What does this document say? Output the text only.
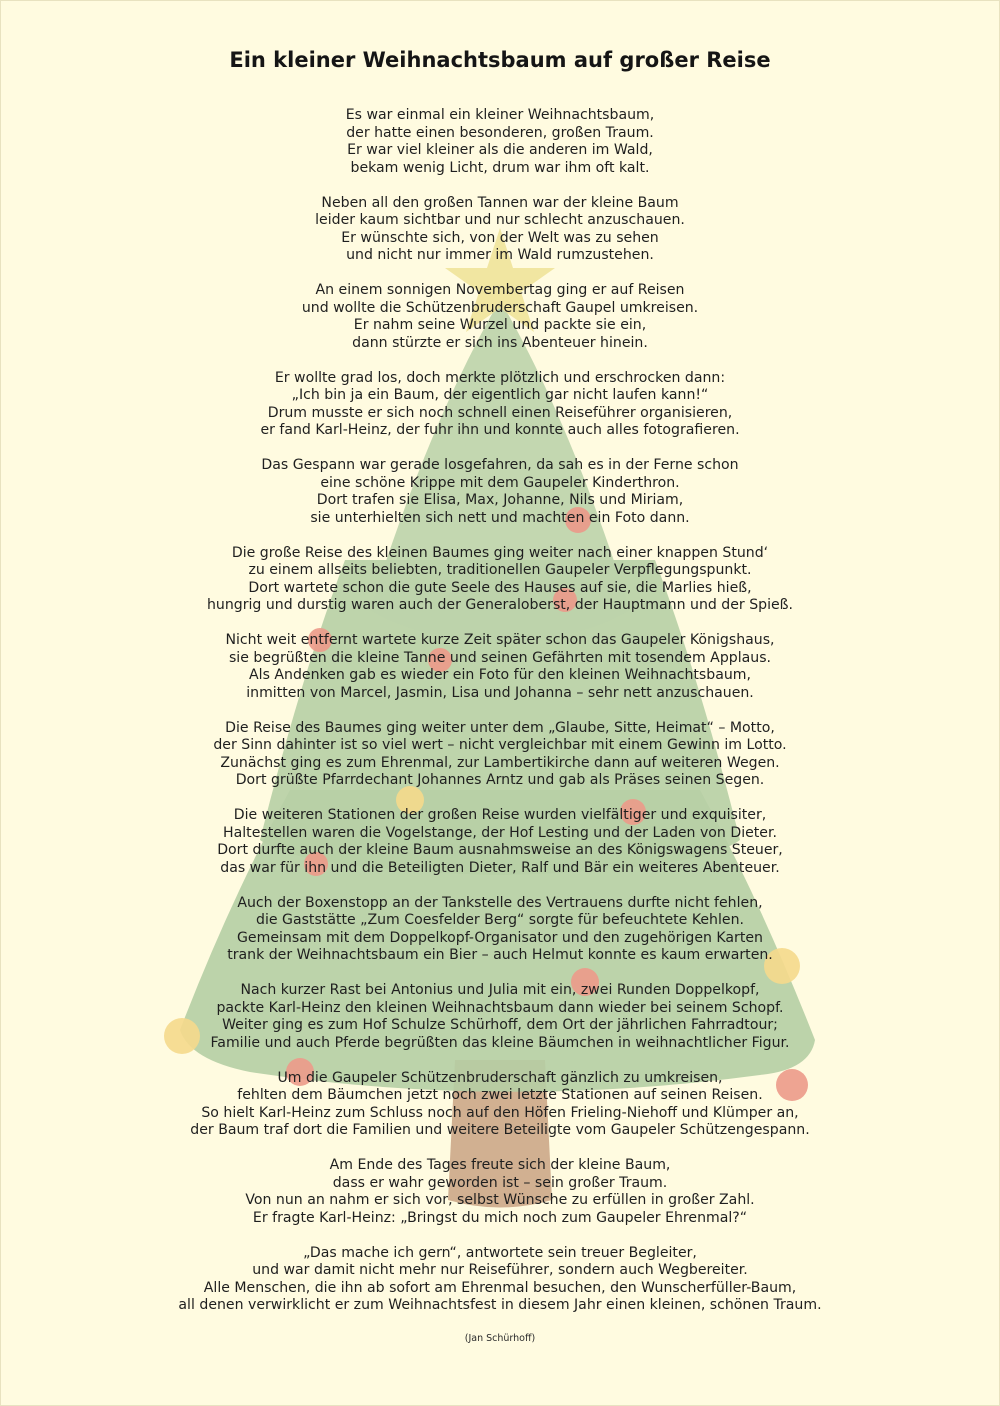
Ein kleiner Weihnachtsbaum auf großer Reise

Es war einmal ein kleiner Weihnachtsbaum,
der hatte einen besonderen, großen Traum.
Er war viel kleiner als die anderen im Wald,
bekam wenig Licht, drum war ihm oft kalt.

Neben all den großen Tannen war der kleine Baum
leider kaum sichtbar und nur schlecht anzuschauen.
Er wünschte sich, von der Welt was zu sehen
und nicht nur immer im Wald rumzustehen.

An einem sonnigen Novembertag ging er auf Reisen
und wollte die Schützenbruderschaft Gaupel umkreisen.
Er nahm seine Wurzel und packte sie ein,
dann stürzte er sich ins Abenteuer hinein.

Er wollte grad los, doch merkte plötzlich und erschrocken dann:
„Ich bin ja ein Baum, der eigentlich gar nicht laufen kann!“
Drum musste er sich noch schnell einen Reiseführer organisieren,
er fand Karl-Heinz, der fuhr ihn und konnte auch alles fotografieren.

Das Gespann war gerade losgefahren, da sah es in der Ferne schon
eine schöne Krippe mit dem Gaupeler Kinderthron.
Dort trafen sie Elisa, Max, Johanne, Nils und Miriam,
sie unterhielten sich nett und machten ein Foto dann.

Die große Reise des kleinen Baumes ging weiter nach einer knappen Stund‘
zu einem allseits beliebten, traditionellen Gaupeler Verpflegungspunkt.
Dort wartete schon die gute Seele des Hauses auf sie, die Marlies hieß,
hungrig und durstig waren auch der Generaloberst, der Hauptmann und der Spieß.

Nicht weit entfernt wartete kurze Zeit später schon das Gaupeler Königshaus,
sie begrüßten die kleine Tanne und seinen Gefährten mit tosendem Applaus.
Als Andenken gab es wieder ein Foto für den kleinen Weihnachtsbaum,
inmitten von Marcel, Jasmin, Lisa und Johanna – sehr nett anzuschauen.

Die Reise des Baumes ging weiter unter dem „Glaube, Sitte, Heimat“ – Motto,
der Sinn dahinter ist so viel wert – nicht vergleichbar mit einem Gewinn im Lotto.
Zunächst ging es zum Ehrenmal, zur Lambertikirche dann auf weiteren Wegen.
Dort grüßte Pfarrdechant Johannes Arntz und gab als Präses seinen Segen.

Die weiteren Stationen der großen Reise wurden vielfältiger und exquisiter,
Haltestellen waren die Vogelstange, der Hof Lesting und der Laden von Dieter.
Dort durfte auch der kleine Baum ausnahmsweise an des Königswagens Steuer,
das war für ihn und die Beteiligten Dieter, Ralf und Bär ein weiteres Abenteuer.

Auch der Boxenstopp an der Tankstelle des Vertrauens durfte nicht fehlen,
die Gaststätte „Zum Coesfelder Berg“ sorgte für befeuchtete Kehlen.
Gemeinsam mit dem Doppelkopf-Organisator und den zugehörigen Karten
trank der Weihnachtsbaum ein Bier – auch Helmut konnte es kaum erwarten.

Nach kurzer Rast bei Antonius und Julia mit ein, zwei Runden Doppelkopf,
packte Karl-Heinz den kleinen Weihnachtsbaum dann wieder bei seinem Schopf.
Weiter ging es zum Hof Schulze Schürhoff, dem Ort der jährlichen Fahrradtour;
Familie und auch Pferde begrüßten das kleine Bäumchen in weihnachtlicher Figur.

Um die Gaupeler Schützenbruderschaft gänzlich zu umkreisen,
fehlten dem Bäumchen jetzt noch zwei letzte Stationen auf seinen Reisen.
So hielt Karl-Heinz zum Schluss noch auf den Höfen Frieling-Niehoff und Klümper an,
der Baum traf dort die Familien und weitere Beteiligte vom Gaupeler Schützengespann.

Am Ende des Tages freute sich der kleine Baum,
dass er wahr geworden ist – sein großer Traum.
Von nun an nahm er sich vor, selbst Wünsche zu erfüllen in großer Zahl.
Er fragte Karl-Heinz: „Bringst du mich noch zum Gaupeler Ehrenmal?“

„Das mache ich gern“, antwortete sein treuer Begleiter,
und war damit nicht mehr nur Reiseführer, sondern auch Wegbereiter.
Alle Menschen, die ihn ab sofort am Ehrenmal besuchen, den Wunscherfüller-Baum,
all denen verwirklicht er zum Weihnachtsfest in diesem Jahr einen kleinen, schönen Traum.

(Jan Schürhoff)
